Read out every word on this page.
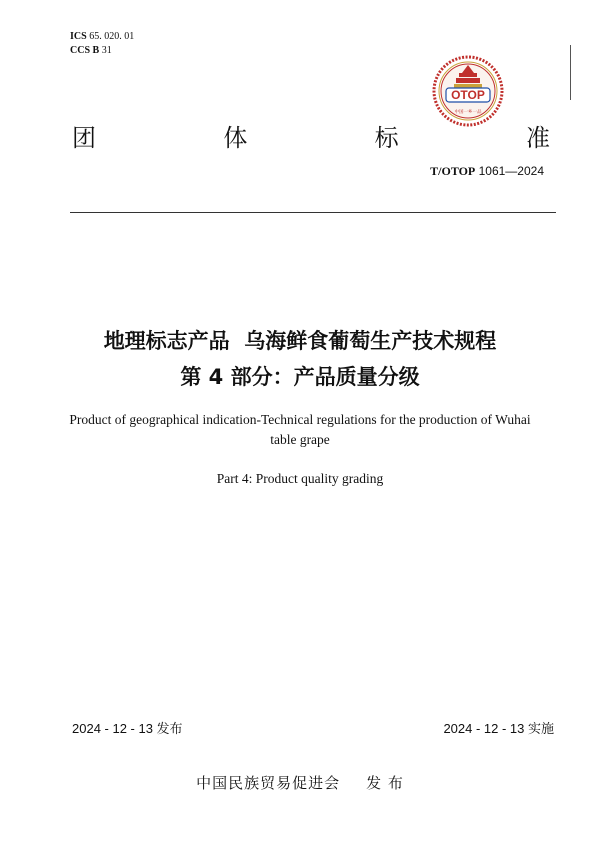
ICS 65. 020. 01
CCS B 31
OTOP
中国一乡一品
团	体	标	准
T/OTOP 1061—2024
地理标志产品  乌海鲜食葡萄生产技术规程
第 4 部分：产品质量分级
Product of geographical indication-Technical regulations for the production of Wuhai
table grape
Part 4: Product quality grading
2024 - 12 - 13 发布	2024 - 12 - 13 实施
中国民族贸易促进会 发 布
